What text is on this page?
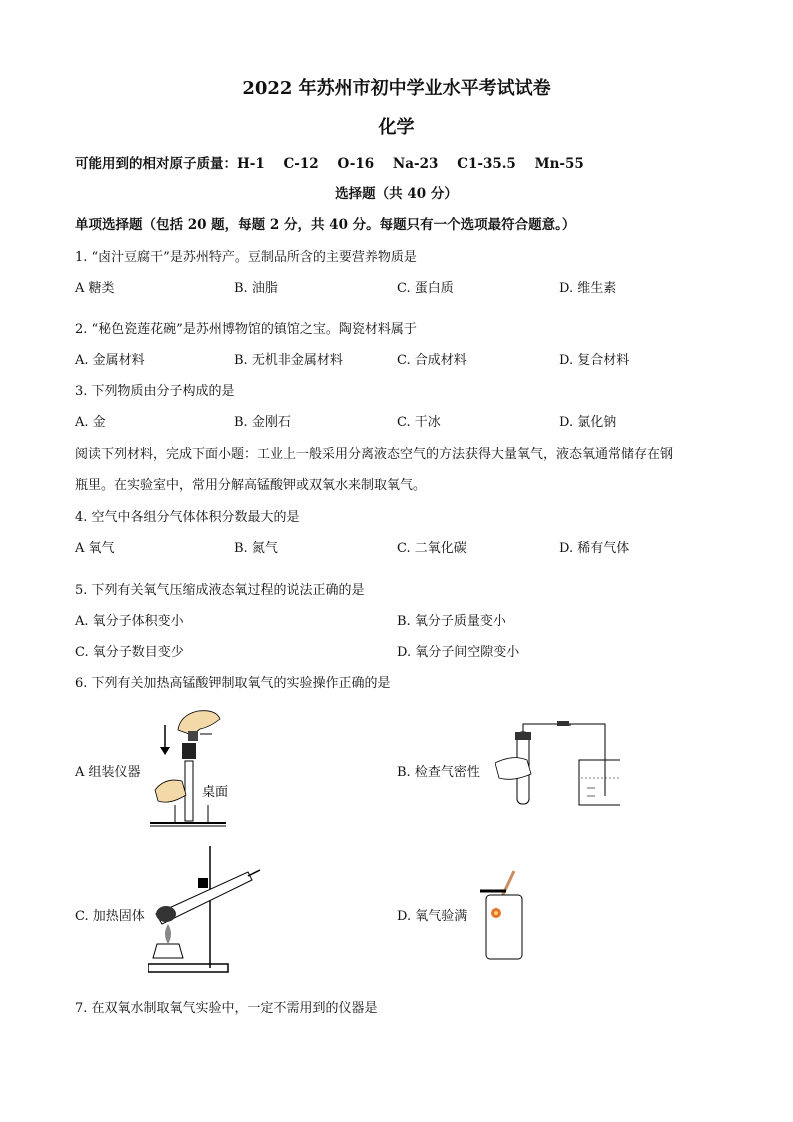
2022 年苏州市初中学业水平考试试卷
化学
可能用到的相对原子质量：H-1    C-12    O-16    Na-23    C1-35.5    Mn-55
选择题（共 40 分）
单项选择题（包括 20 题，每题 2 分，共 40 分。每题只有一个选项最符合题意。）
1. “卤汁豆腐干”是苏州特产。豆制品所含的主要营养物质是
A 糖类	B. 油脂	C. 蛋白质	D. 维生素
2. “秘色瓷莲花碗”是苏州博物馆的镇馆之宝。陶瓷材料属于
A. 金属材料	B. 无机非金属材料	C. 合成材料	D. 复合材料
3. 下列物质由分子构成的是
A. 金	B. 金刚石	C. 干冰	D. 氯化钠
阅读下列材料，完成下面小题：工业上一般采用分离液态空气的方法获得大量氧气，液态氧通常储存在钢
瓶里。在实验室中，常用分解高锰酸钾或双氧水来制取氧气。
4. 空气中各组分气体体积分数最大的是
A 氧气	B. 氮气	C. 二氧化碳	D. 稀有气体
5. 下列有关氧气压缩成液态氧过程的说法正确的是
A. 氧分子体积变小	B. 氧分子质量变小
C. 氧分子数目变少	D. 氧分子间空隙变小
6. 下列有关加热高锰酸钾制取氧气的实验操作正确的是
A 组装仪器	B. 检查气密性
C. 加热固体	D. 氧气验满
桌面
7. 在双氧水制取氧气实验中，一定不需用到的仪器是
